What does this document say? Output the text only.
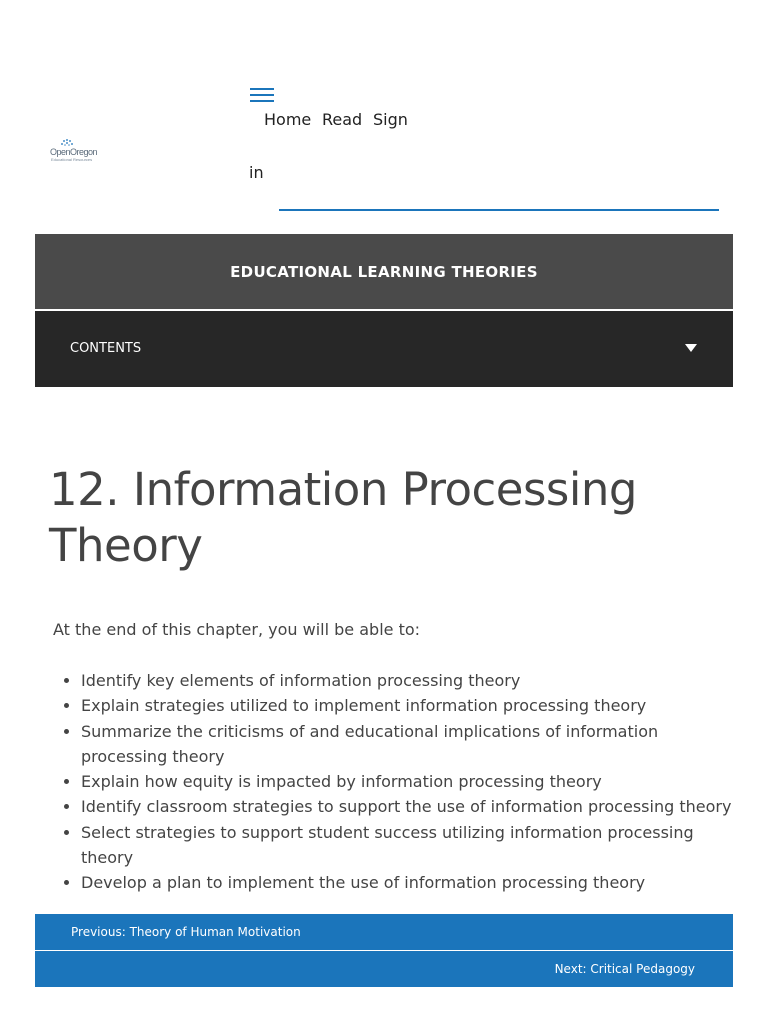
OpenOregon
Educational Resources
Home Read Sign
in
EDUCATIONAL LEARNING THEORIES
CONTENTS
12. Information Processing Theory

At the end of this chapter, you will be able to:

• Identify key elements of information processing theory
• Explain strategies utilized to implement information processing theory
• Summarize the criticisms of and educational implications of information processing theory
• Explain how equity is impacted by information processing theory
• Identify classroom strategies to support the use of information processing theory
• Select strategies to support student success utilizing information processing theory
• Develop a plan to implement the use of information processing theory
Previous: Theory of Human Motivation
Next: Critical Pedagogy
